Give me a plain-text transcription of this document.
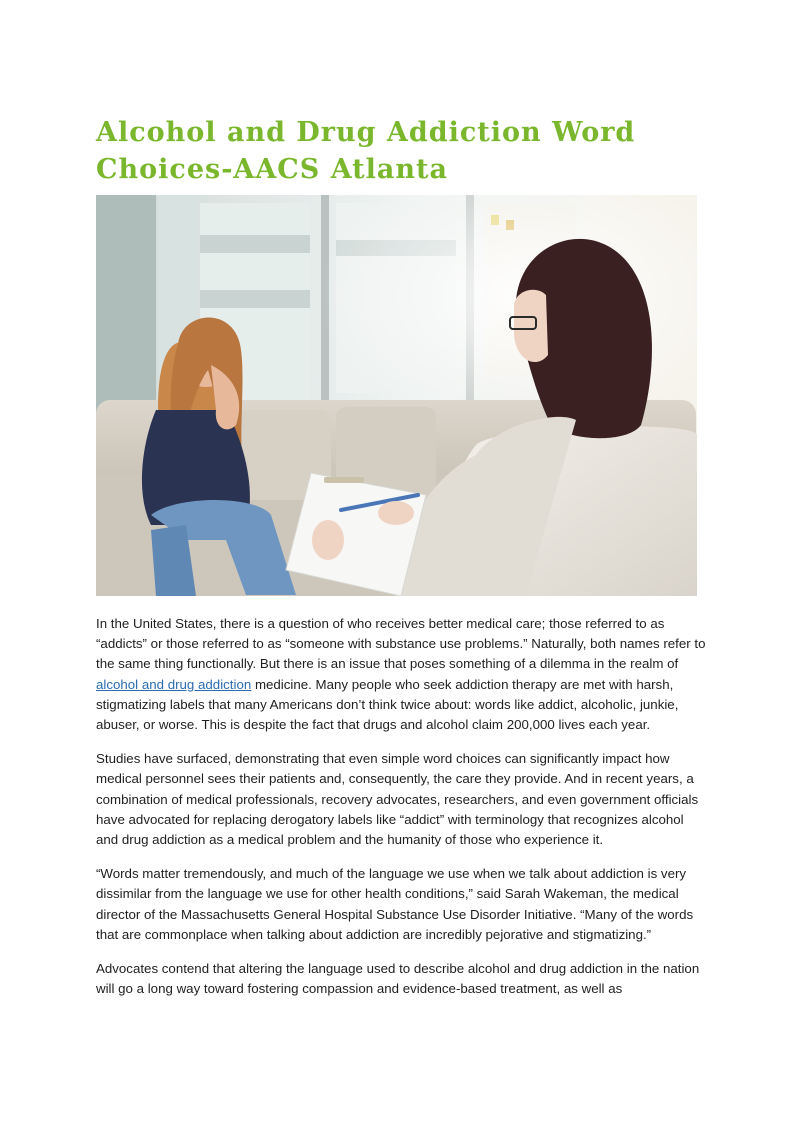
Alcohol and Drug Addiction Word Choices-AACS Atlanta

In the United States, there is a question of who receives better medical care; those referred to as “addicts” or those referred to as “someone with substance use problems.” Naturally, both names refer to the same thing functionally. But there is an issue that poses something of a dilemma in the realm of alcohol and drug addiction medicine. Many people who seek addiction therapy are met with harsh, stigmatizing labels that many Americans don’t think twice about: words like addict, alcoholic, junkie, abuser, or worse. This is despite the fact that drugs and alcohol claim 200,000 lives each year.

Studies have surfaced, demonstrating that even simple word choices can significantly impact how medical personnel sees their patients and, consequently, the care they provide. And in recent years, a combination of medical professionals, recovery advocates, researchers, and even government officials have advocated for replacing derogatory labels like “addict” with terminology that recognizes alcohol and drug addiction as a medical problem and the humanity of those who experience it.

“Words matter tremendously, and much of the language we use when we talk about addiction is very dissimilar from the language we use for other health conditions,” said Sarah Wakeman, the medical director of the Massachusetts General Hospital Substance Use Disorder Initiative. “Many of the words that are commonplace when talking about addiction are incredibly pejorative and stigmatizing.”

Advocates contend that altering the language used to describe alcohol and drug addiction in the nation will go a long way toward fostering compassion and evidence-based treatment, as well as
